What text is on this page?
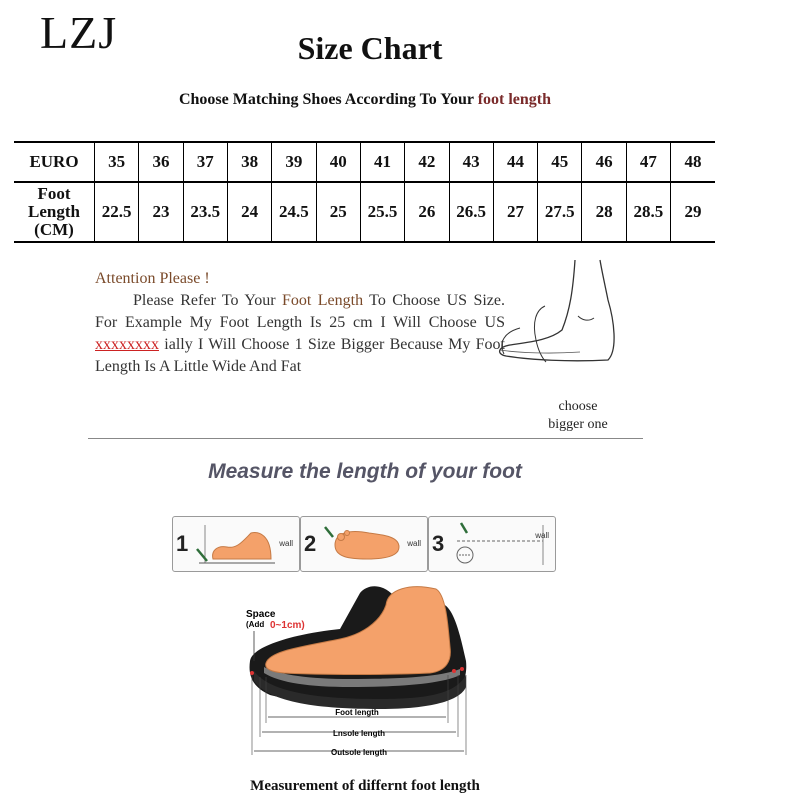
LZJ	Size Chart
Choose Matching Shoes According To Your foot length
EURO	35	36	37	38	39	40	41	42	43	44	45	46	47	48
Foot Length (CM)	22.5	23	23.5	24	24.5	25	25.5	26	26.5	27	27.5	28	28.5	29

Attention Please !

Please Refer To Your Foot Length To Choose US Size. For Example My Foot Length Is 25 cm I Will Choose US xxxxxxxx ially I Will Choose 1 Size Bigger Because My Foot Length Is A Little Wide And Fat

choose
bigger one
Measure the length of your foot
1	wall 2	wall 3	wall
Space
(Add 0~1cm)
Foot length
Lnsole length
Outsole length
Measurement of differnt foot length
